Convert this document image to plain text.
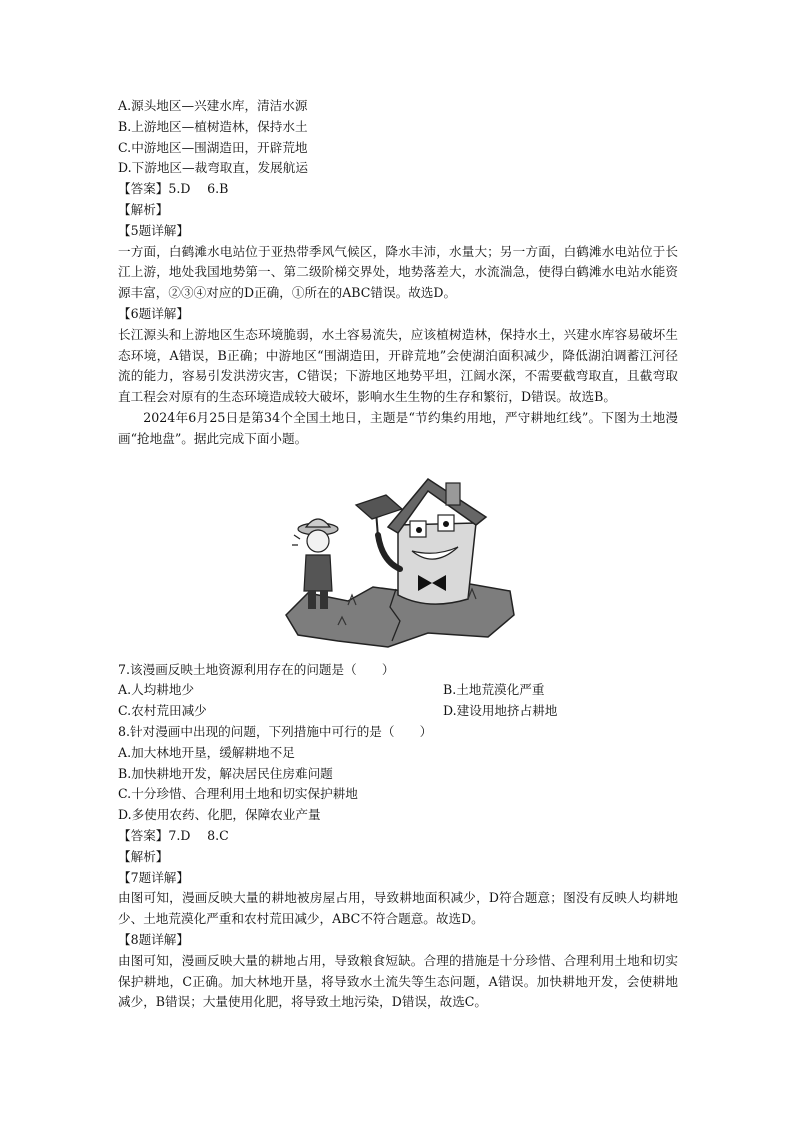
A.源头地区—兴建水库，清洁水源
B.上游地区—植树造林，保持水土
C.中游地区—围湖造田，开辟荒地
D.下游地区—裁弯取直，发展航运
【答案】5.D　 6.B
【解析】
【5题详解】
一方面，白鹤滩水电站位于亚热带季风气候区，降水丰沛，水量大；另一方面，白鹤滩水电站位于长江上游，地处我国地势第一、第二级阶梯交界处，地势落差大，水流湍急，使得白鹤滩水电站水能资源丰富，②③④对应的D正确，①所在的ABC错误。故选D。
【6题详解】
长江源头和上游地区生态环境脆弱，水土容易流失，应该植树造林，保持水土，兴建水库容易破坏生态环境，A错误，B正确；中游地区“围湖造田，开辟荒地”会使湖泊面积减少，降低湖泊调蓄江河径流的能力，容易引发洪涝灾害，C错误；下游地区地势平坦，江阔水深，不需要截弯取直，且截弯取直工程会对原有的生态环境造成较大破坏，影响水生生物的生存和繁衍，D错误。故选B。
2024年6月25日是第34个全国土地日，主题是“节约集约用地，严守耕地红线”。下图为土地漫画“抢地盘”。据此完成下面小题。
7.该漫画反映土地资源利用存在的问题是（　　）
A.人均耕地少	B.土地荒漠化严重
C.农村荒田减少	D.建设用地挤占耕地
8.针对漫画中出现的问题，下列措施中可行的是（　　）
A.加大林地开垦，缓解耕地不足
B.加快耕地开发，解决居民住房难问题
C.十分珍惜、合理利用土地和切实保护耕地
D.多使用农药、化肥，保障农业产量
【答案】7.D　 8.C
【解析】
【7题详解】
由图可知，漫画反映大量的耕地被房屋占用，导致耕地面积减少，D符合题意；图没有反映人均耕地少、土地荒漠化严重和农村荒田减少，ABC不符合题意。故选D。
【8题详解】
由图可知，漫画反映大量的耕地占用，导致粮食短缺。合理的措施是十分珍惜、合理利用土地和切实保护耕地，C正确。加大林地开垦，将导致水土流失等生态问题，A错误。加快耕地开发，会使耕地减少，B错误；大量使用化肥，将导致土地污染，D错误，故选C。
